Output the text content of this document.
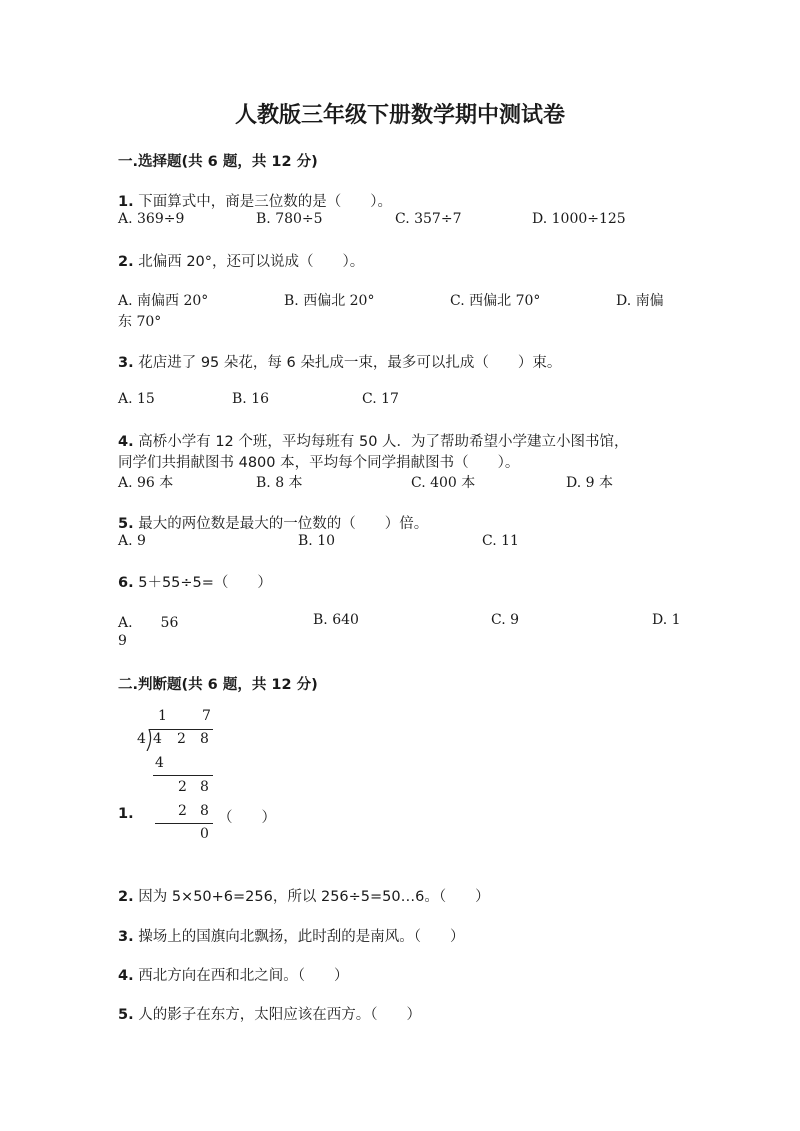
人教版三年级下册数学期中测试卷
一.选择题(共 6 题，共 12 分)
1. 下面算式中，商是三位数的是（　　）。
A. 369÷9	B. 780÷5	C. 357÷7	D. 1000÷125
2. 北偏西 20°，还可以说成（　　）。
A. 南偏西 20°	B. 西偏北 20°	C. 西偏北 70°	D. 南偏
东 70°
3. 花店进了 95 朵花，每 6 朵扎成一束，最多可以扎成（　　）束。
A. 15	B. 16	C. 17
4. 高桥小学有 12 个班，平均每班有 50 人．为了帮助希望小学建立小图书馆，
同学们共捐献图书 4800 本，平均每个同学捐献图书（　　）。
A. 96 本	B. 8 本	C. 400 本	D. 9 本
5. 最大的两位数是最大的一位数的（　　）倍。
A. 9	B. 10	C. 11
6. 5＋55÷5=（　　）
A.　　56	B. 640	C. 9	D. 1
9
二.判断题(共 6 题，共 12 分)
1	7
4 4 2 8
4
2 8
2 8
0
1.	（　　）
2. 因为 5×50+6=256，所以 256÷5=50…6。（　　）
3. 操场上的国旗向北飘扬，此时刮的是南风。（　　）
4. 西北方向在西和北之间。（　　）
5. 人的影子在东方，太阳应该在西方。（　　）
